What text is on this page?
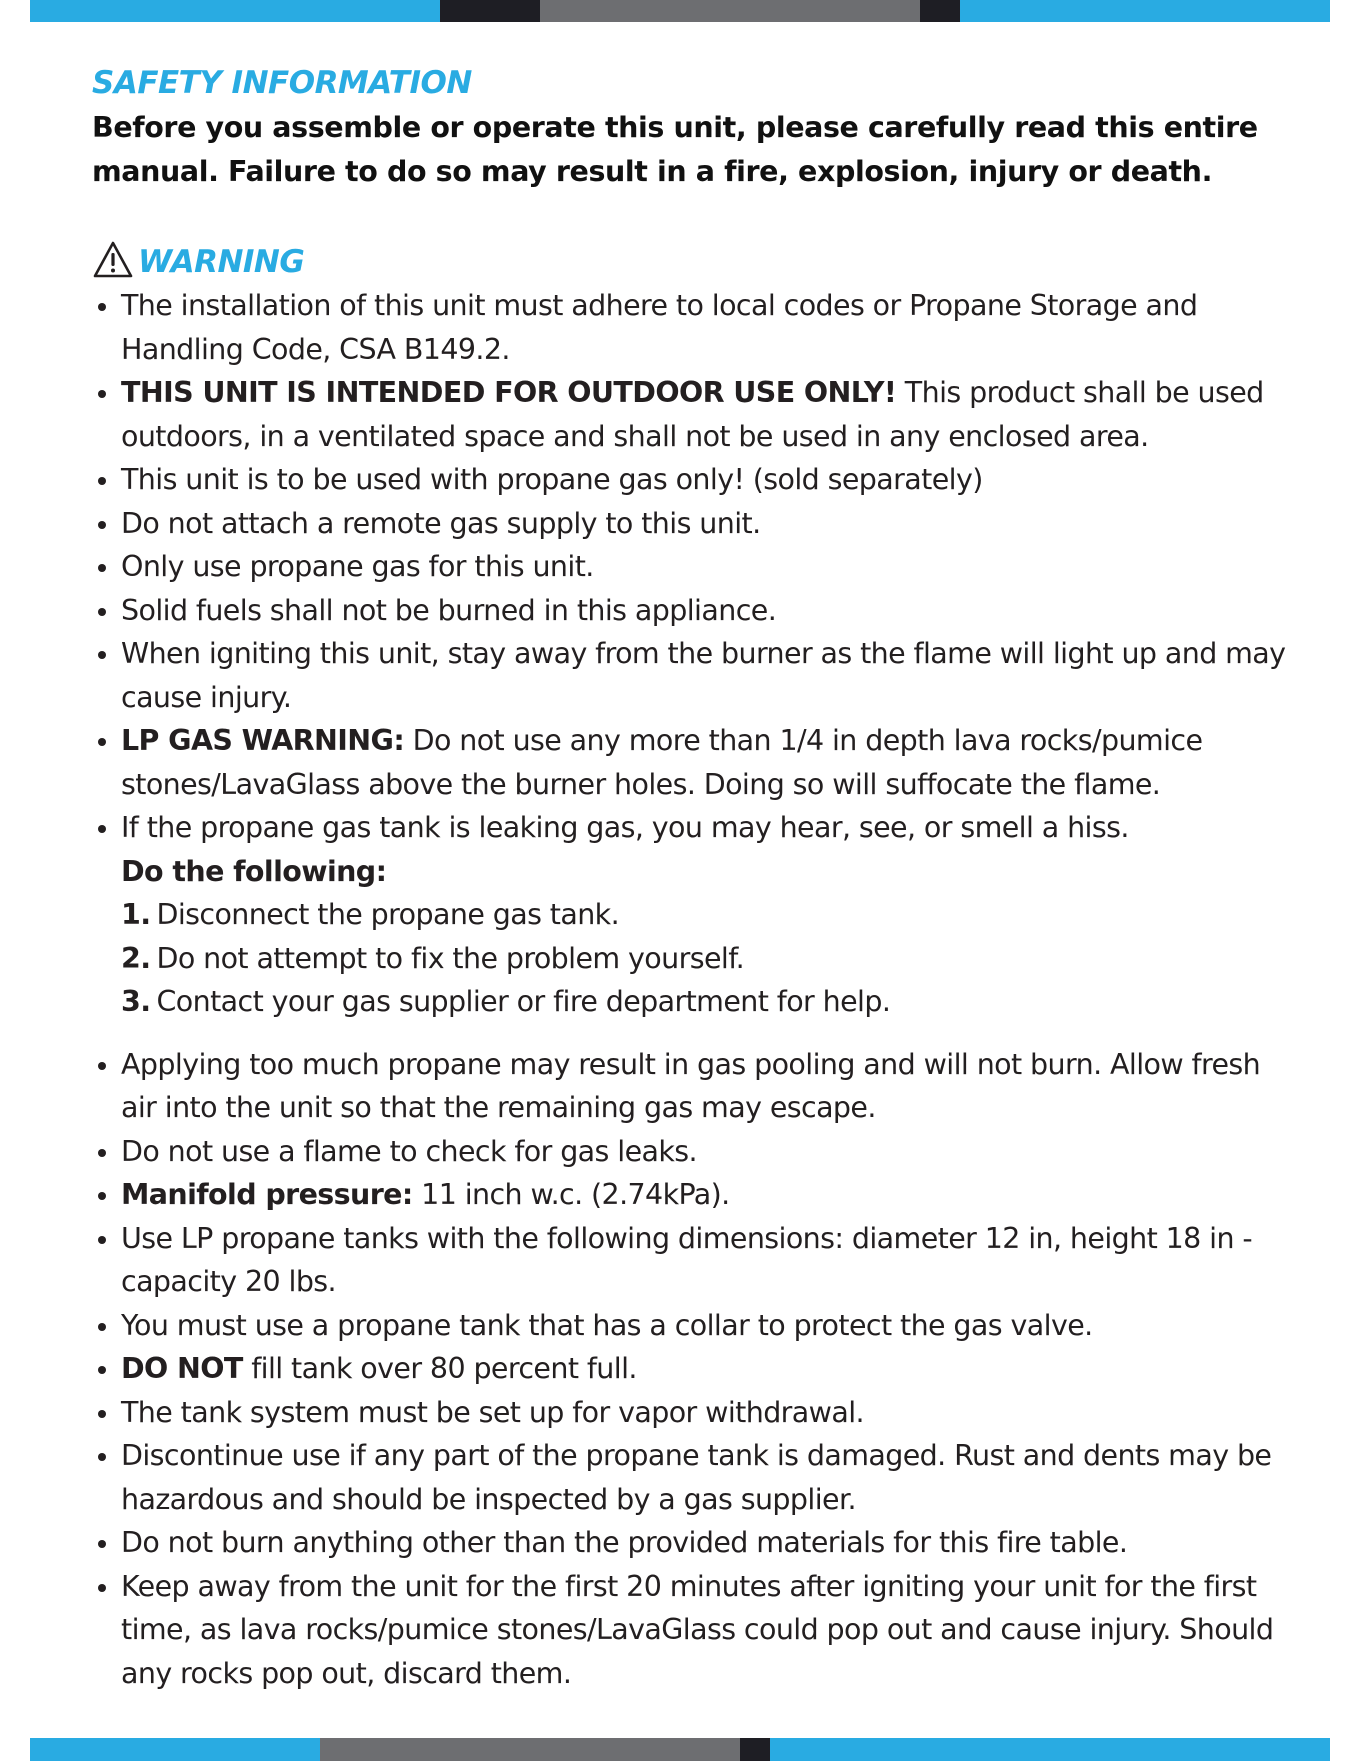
SAFETY INFORMATION

Before you assemble or operate this unit, please carefully read this entire manual. Failure to do so may result in a fire, explosion, injury or death.

WARNING
The installation of this unit must adhere to local codes or Propane Storage and Handling Code, CSA B149.2.
THIS UNIT IS INTENDED FOR OUTDOOR USE ONLY! This product shall be used outdoors, in a ventilated space and shall not be used in any enclosed area.
This unit is to be used with propane gas only! (sold separately)
Do not attach a remote gas supply to this unit.
Only use propane gas for this unit.
Solid fuels shall not be burned in this appliance.
When igniting this unit, stay away from the burner as the flame will light up and may cause injury.
LP GAS WARNING: Do not use any more than 1/4 in depth lava rocks/pumice stones/LavaGlass above the burner holes. Doing so will suffocate the flame.
If the propane gas tank is leaking gas, you may hear, see, or smell a hiss.
Do the following:
1. Disconnect the propane gas tank.
2. Do not attempt to fix the problem yourself.
3. Contact your gas supplier or fire department for help.
Applying too much propane may result in gas pooling and will not burn. Allow fresh air into the unit so that the remaining gas may escape.
Do not use a flame to check for gas leaks.
Manifold pressure: 11 inch w.c. (2.74kPa).
Use LP propane tanks with the following dimensions: diameter 12 in, height 18 in - capacity 20 lbs.
You must use a propane tank that has a collar to protect the gas valve.
DO NOT fill tank over 80 percent full.
The tank system must be set up for vapor withdrawal.
Discontinue use if any part of the propane tank is damaged. Rust and dents may be hazardous and should be inspected by a gas supplier.
Do not burn anything other than the provided materials for this fire table.
Keep away from the unit for the first 20 minutes after igniting your unit for the first time, as lava rocks/pumice stones/LavaGlass could pop out and cause injury. Should any rocks pop out, discard them.
